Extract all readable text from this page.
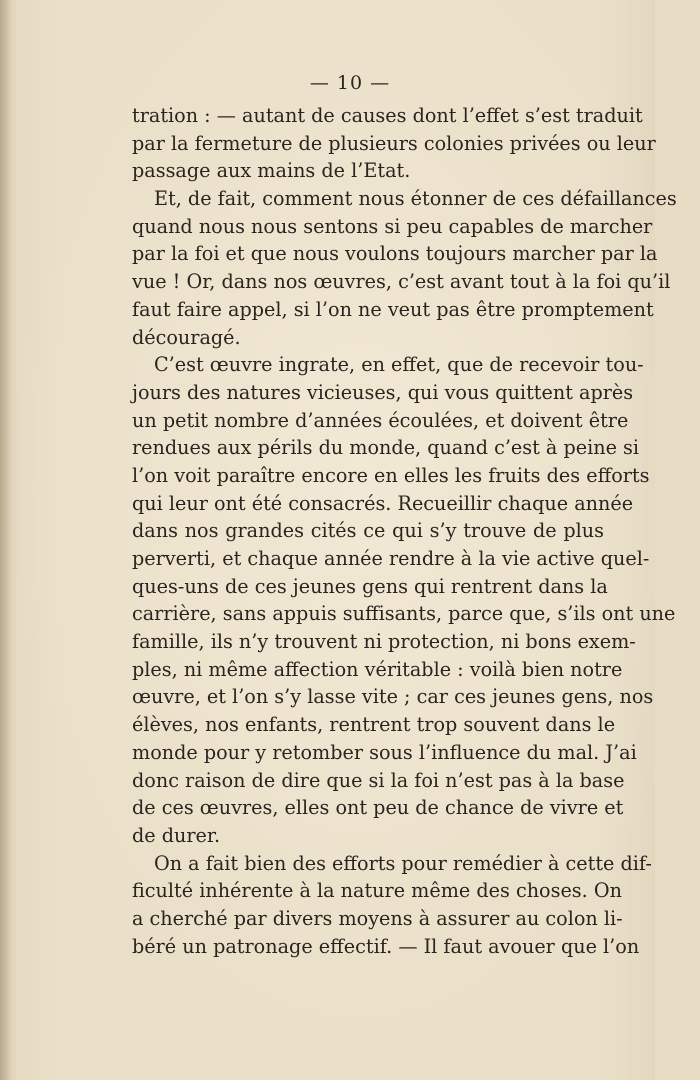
— 10 —
tration : — autant de causes dont l’effet s’est traduit
par la fermeture de plusieurs colonies privées ou leur
passage aux mains de l’Etat.
Et, de fait, comment nous étonner de ces défaillances
quand nous nous sentons si peu capables de marcher
par la foi et que nous voulons toujours marcher par la
vue ! Or, dans nos œuvres, c’est avant tout à la foi qu’il
faut faire appel, si l’on ne veut pas être promptement
découragé.
C’est œuvre ingrate, en effet, que de recevoir tou-
jours des natures vicieuses, qui vous quittent après
un petit nombre d’années écoulées, et doivent être
rendues aux périls du monde, quand c’est à peine si
l’on voit paraître encore en elles les fruits des efforts
qui leur ont été consacrés. Recueillir chaque année
dans nos grandes cités ce qui s’y trouve de plus
perverti, et chaque année rendre à la vie active quel-
ques-uns de ces jeunes gens qui rentrent dans la
carrière, sans appuis suffisants, parce que, s’ils ont une
famille, ils n’y trouvent ni protection, ni bons exem-
ples, ni même affection véritable : voilà bien notre
œuvre, et l’on s’y lasse vite ; car ces jeunes gens, nos
élèves, nos enfants, rentrent trop souvent dans le
monde pour y retomber sous l’influence du mal. J’ai
donc raison de dire que si la foi n’est pas à la base
de ces œuvres, elles ont peu de chance de vivre et
de durer.
On a fait bien des efforts pour remédier à cette dif-
ficulté inhérente à la nature même des choses. On
a cherché par divers moyens à assurer au colon li-
béré un patronage effectif. — Il faut avouer que l’on
